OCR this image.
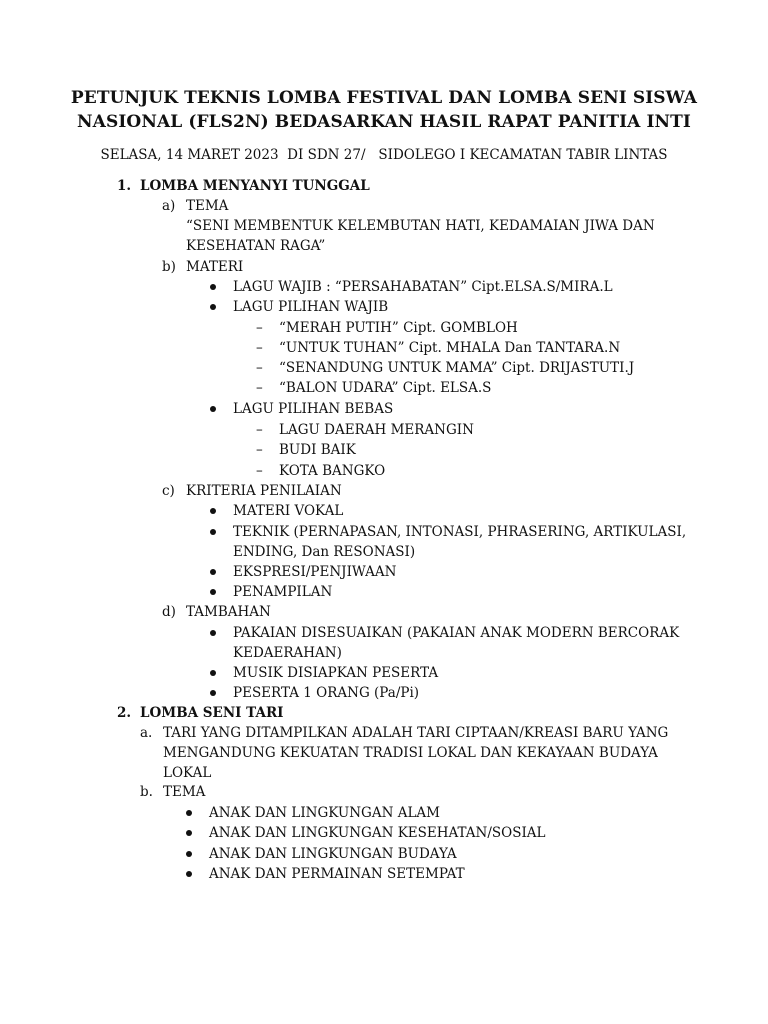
PETUNJUK TEKNIS LOMBA FESTIVAL DAN LOMBA SENI SISWA
NASIONAL (FLS2N) BEDASARKAN HASIL RAPAT PANITIA INTI
SELASA, 14 MARET 2023  DI SDN 27/   SIDOLEGO I KECAMATAN TABIR LINTAS
1. LOMBA MENYANYI TUNGGAL
a) TEMA
“SENI MEMBENTUK KELEMBUTAN HATI, KEDAMAIAN JIWA DAN
KESEHATAN RAGA”
b) MATERI
LAGU WAJIB : “PERSAHABATAN” Cipt.ELSA.S/MIRA.L
LAGU PILIHAN WAJIB
– “MERAH PUTIH” Cipt. GOMBLOH
– “UNTUK TUHAN” Cipt. MHALA Dan TANTARA.N
– “SENANDUNG UNTUK MAMA” Cipt. DRIJASTUTI.J
– “BALON UDARA” Cipt. ELSA.S
LAGU PILIHAN BEBAS
– LAGU DAERAH MERANGIN
– BUDI BAIK
– KOTA BANGKO
c) KRITERIA PENILAIAN
MATERI VOKAL
TEKNIK (PERNAPASAN, INTONASI, PHRASERING, ARTIKULASI,
ENDING, Dan RESONASI)
EKSPRESI/PENJIWAAN
PENAMPILAN
d) TAMBAHAN
PAKAIAN DISESUAIKAN (PAKAIAN ANAK MODERN BERCORAK
KEDAERAHAN)
MUSIK DISIAPKAN PESERTA
PESERTA 1 ORANG (Pa/Pi)
2. LOMBA SENI TARI
a. TARI YANG DITAMPILKAN ADALAH TARI CIPTAAN/KREASI BARU YANG
MENGANDUNG KEKUATAN TRADISI LOKAL DAN KEKAYAAN BUDAYA
LOKAL
b. TEMA
ANAK DAN LINGKUNGAN ALAM
ANAK DAN LINGKUNGAN KESEHATAN/SOSIAL
ANAK DAN LINGKUNGAN BUDAYA
ANAK DAN PERMAINAN SETEMPAT
